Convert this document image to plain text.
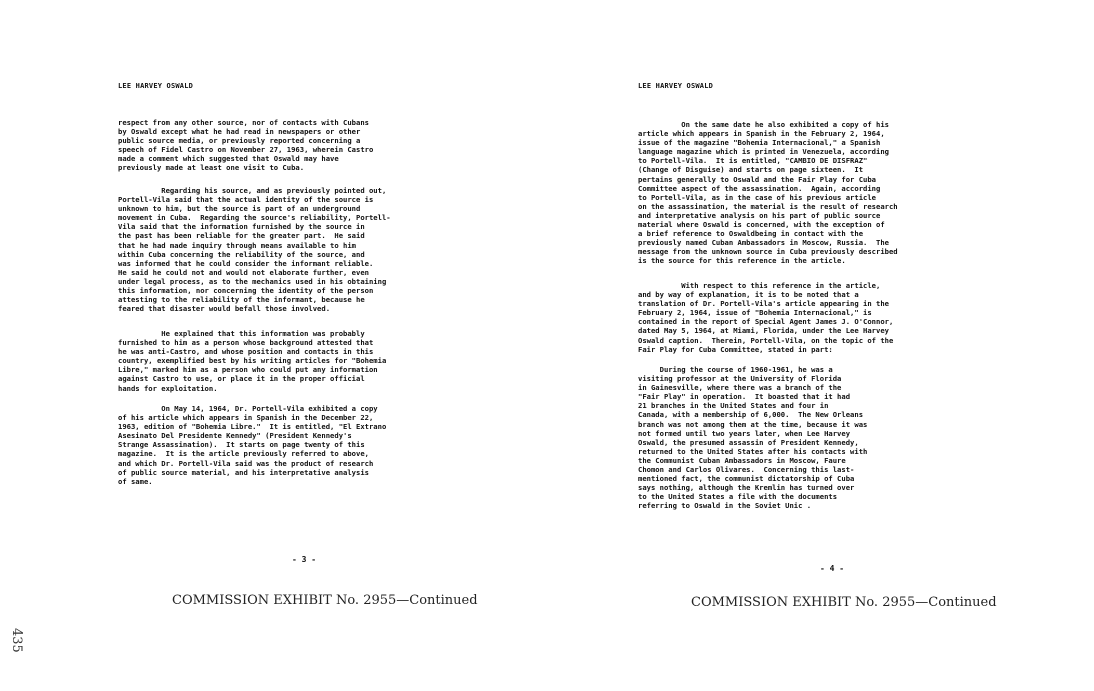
LEE HARVEY OSWALD
respect from any other source, nor of contacts with Cubans
by Oswald except what he had read in newspapers or other
public source media, or previously reported concerning a
speech of Fidel Castro on November 27, 1963, wherein Castro
made a comment which suggested that Oswald may have
previously made at least one visit to Cuba.
Regarding his source, and as previously pointed out,
Portell-Vila said that the actual identity of the source is
unknown to him, but the source is part of an underground
movement in Cuba.  Regarding the source's reliability, Portell-
Vila said that the information furnished by the source in
the past has been reliable for the greater part.  He said
that he had made inquiry through means available to him
within Cuba concerning the reliability of the source, and
was informed that he could consider the informant reliable.
He said he could not and would not elaborate further, even
under legal process, as to the mechanics used in his obtaining
this information, nor concerning the identity of the person
attesting to the reliability of the informant, because he
feared that disaster would befall those involved.
He explained that this information was probably
furnished to him as a person whose background attested that
he was anti-Castro, and whose position and contacts in this
country, exemplified best by his writing articles for "Bohemia
Libre," marked him as a person who could put any information
against Castro to use, or place it in the proper official
hands for exploitation.
On May 14, 1964, Dr. Portell-Vila exhibited a copy
of his article which appears in Spanish in the December 22,
1963, edition of "Bohemia Libre."  It is entitled, "El Extrano
Asesinato Del Presidente Kennedy" (President Kennedy's
Strange Assassination).  It starts on page twenty of this
magazine.  It is the article previously referred to above,
and which Dr. Portell-Vila said was the product of research
of public source material, and his interpretative analysis
of same.
- 3 -
COMMISSION EXHIBIT No. 2955—Continued
LEE HARVEY OSWALD
On the same date he also exhibited a copy of his
article which appears in Spanish in the February 2, 1964,
issue of the magazine "Bohemia Internacional," a Spanish
language magazine which is printed in Venezuela, according
to Portell-Vila.  It is entitled, "CAMBIO DE DISFRAZ"
(Change of Disguise) and starts on page sixteen.  It
pertains generally to Oswald and the Fair Play for Cuba
Committee aspect of the assassination.  Again, according
to Portell-Vila, as in the case of his previous article
on the assassination, the material is the result of research
and interpretative analysis on his part of public source
material where Oswald is concerned, with the exception of
a brief reference to Oswaldbeing in contact with the
previously named Cuban Ambassadors in Moscow, Russia.  The
message from the unknown source in Cuba previously described
is the source for this reference in the article.
With respect to this reference in the article,
and by way of explanation, it is to be noted that a
translation of Dr. Portell-Vila's article appearing in the
February 2, 1964, issue of "Bohemia Internacional," is
contained in the report of Special Agent James J. O'Connor,
dated May 5, 1964, at Miami, Florida, under the Lee Harvey
Oswald caption.  Therein, Portell-Vila, on the topic of the
Fair Play for Cuba Committee, stated in part:
During the course of 1960-1961, he was a
visiting professor at the University of Florida
in Gainesville, where there was a branch of the
"Fair Play" in operation.  It boasted that it had
21 branches in the United States and four in
Canada, with a membership of 6,000.  The New Orleans
branch was not among them at the time, because it was
not formed until two years later, when Lee Harvey
Oswald, the presumed assassin of President Kennedy,
returned to the United States after his contacts with
the Communist Cuban Ambassadors in Moscow, Faure
Chomon and Carlos Olivares.  Concerning this last-
mentioned fact, the communist dictatorship of Cuba
says nothing, although the Kremlin has turned over
to the United States a file with the documents
referring to Oswald in the Soviet Unic .
- 4 -
COMMISSION EXHIBIT No. 2955—Continued
435
